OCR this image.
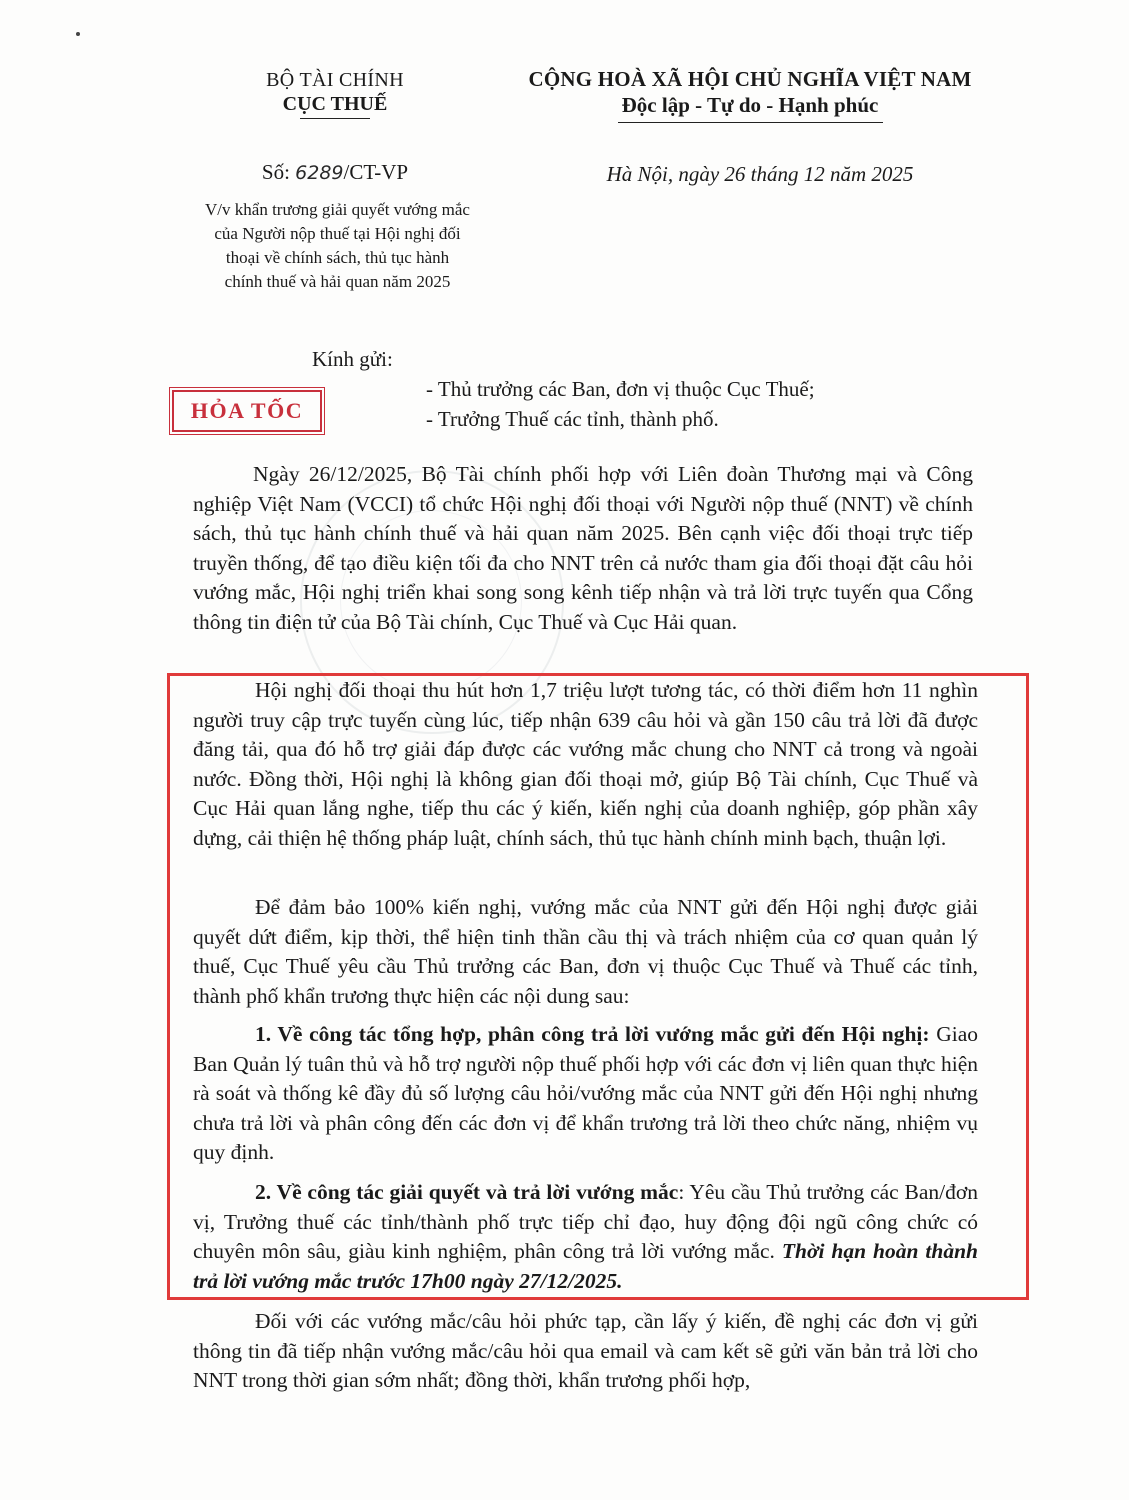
BỘ TÀI CHÍNH
CỤC THUẾ
CỘNG HOÀ XÃ HỘI CHỦ NGHĨA VIỆT NAM
Độc lập - Tự do - Hạnh phúc
Số: 6289/CT-VP	Hà Nội, ngày 26 tháng 12 năm 2025
V/v khẩn trương giải quyết vướng mắc của Người nộp thuế tại Hội nghị đối thoại về chính sách, thủ tục hành chính thuế và hải quan năm 2025
Kính gửi:
HỎA TỐC
- Thủ trưởng các Ban, đơn vị thuộc Cục Thuế;
- Trưởng Thuế các tỉnh, thành phố.
Ngày 26/12/2025, Bộ Tài chính phối hợp với Liên đoàn Thương mại và Công nghiệp Việt Nam (VCCI) tổ chức Hội nghị đối thoại với Người nộp thuế (NNT) về chính sách, thủ tục hành chính thuế và hải quan năm 2025. Bên cạnh việc đối thoại trực tiếp truyền thống, để tạo điều kiện tối đa cho NNT trên cả nước tham gia đối thoại đặt câu hỏi vướng mắc, Hội nghị triển khai song song kênh tiếp nhận và trả lời trực tuyến qua Cổng thông tin điện tử của Bộ Tài chính, Cục Thuế và Cục Hải quan.
Hội nghị đối thoại thu hút hơn 1,7 triệu lượt tương tác, có thời điểm hơn 11 nghìn người truy cập trực tuyến cùng lúc, tiếp nhận 639 câu hỏi và gần 150 câu trả lời đã được đăng tải, qua đó hỗ trợ giải đáp được các vướng mắc chung cho NNT cả trong và ngoài nước. Đồng thời, Hội nghị là không gian đối thoại mở, giúp Bộ Tài chính, Cục Thuế và Cục Hải quan lắng nghe, tiếp thu các ý kiến, kiến nghị của doanh nghiệp, góp phần xây dựng, cải thiện hệ thống pháp luật, chính sách, thủ tục hành chính minh bạch, thuận lợi.
Để đảm bảo 100% kiến nghị, vướng mắc của NNT gửi đến Hội nghị được giải quyết dứt điểm, kịp thời, thể hiện tinh thần cầu thị và trách nhiệm của cơ quan quản lý thuế, Cục Thuế yêu cầu Thủ trưởng các Ban, đơn vị thuộc Cục Thuế và Thuế các tỉnh, thành phố khẩn trương thực hiện các nội dung sau:
1. Về công tác tổng hợp, phân công trả lời vướng mắc gửi đến Hội nghị: Giao Ban Quản lý tuân thủ và hỗ trợ người nộp thuế phối hợp với các đơn vị liên quan thực hiện rà soát và thống kê đầy đủ số lượng câu hỏi/vướng mắc của NNT gửi đến Hội nghị nhưng chưa trả lời và phân công đến các đơn vị để khẩn trương trả lời theo chức năng, nhiệm vụ quy định.
2. Về công tác giải quyết và trả lời vướng mắc: Yêu cầu Thủ trưởng các Ban/đơn vị, Trưởng thuế các tỉnh/thành phố trực tiếp chỉ đạo, huy động đội ngũ công chức có chuyên môn sâu, giàu kinh nghiệm, phân công trả lời vướng mắc. Thời hạn hoàn thành trả lời vướng mắc trước 17h00 ngày 27/12/2025.
Đối với các vướng mắc/câu hỏi phức tạp, cần lấy ý kiến, đề nghị các đơn vị gửi thông tin đã tiếp nhận vướng mắc/câu hỏi qua email và cam kết sẽ gửi văn bản trả lời cho NNT trong thời gian sớm nhất; đồng thời, khẩn trương phối hợp,
